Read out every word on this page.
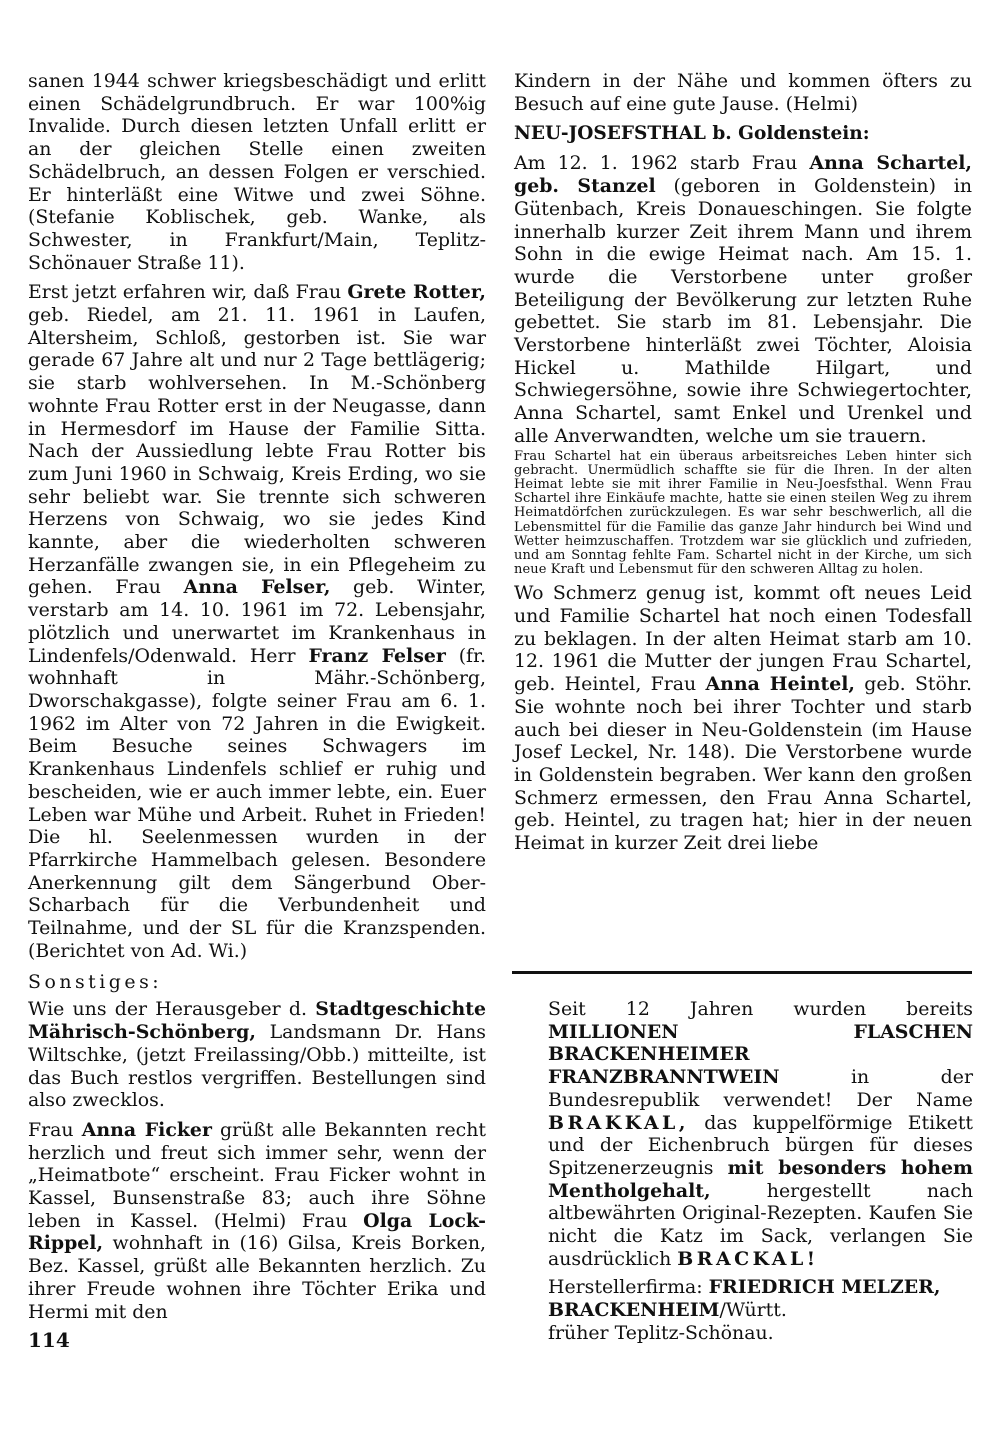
sanen 1944 schwer kriegsbeschädigt und erlitt einen Schädelgrundbruch. Er war 100%ig Invalide. Durch diesen letzten Unfall erlitt er an der gleichen Stelle einen zweiten Schädelbruch, an dessen Folgen er verschied. Er hinterläßt eine Witwe und zwei Söhne. (Stefanie Koblischek, geb. Wanke, als Schwester, in Frankfurt/Main, Teplitz-Schönauer Straße 11).

Erst jetzt erfahren wir, daß Frau Grete Rotter, geb. Riedel, am 21. 11. 1961 in Laufen, Altersheim, Schloß, gestorben ist. Sie war gerade 67 Jahre alt und nur 2 Tage bettlägerig; sie starb wohlversehen. In M.-Schönberg wohnte Frau Rotter erst in der Neugasse, dann in Hermesdorf im Hause der Familie Sitta. Nach der Aussiedlung lebte Frau Rotter bis zum Juni 1960 in Schwaig, Kreis Erding, wo sie sehr beliebt war. Sie trennte sich schweren Herzens von Schwaig, wo sie jedes Kind kannte, aber die wiederholten schweren Herzanfälle zwangen sie, in ein Pflegeheim zu gehen. Frau Anna Felser, geb. Winter, verstarb am 14. 10. 1961 im 72. Lebensjahr, plötzlich und unerwartet im Krankenhaus in Lindenfels/Odenwald. Herr Franz Felser (fr. wohnhaft in Mähr.-Schönberg, Dworschakgasse), folgte seiner Frau am 6. 1. 1962 im Alter von 72 Jahren in die Ewigkeit. Beim Besuche seines Schwagers im Krankenhaus Lindenfels schlief er ruhig und bescheiden, wie er auch immer lebte, ein. Euer Leben war Mühe und Arbeit. Ruhet in Frieden! Die hl. Seelenmessen wurden in der Pfarrkirche Hammelbach gelesen. Besondere Anerkennung gilt dem Sängerbund Ober-Scharbach für die Verbundenheit und Teilnahme, und der SL für die Kranzspenden. (Berichtet von Ad. Wi.)

Sonstiges:

Wie uns der Herausgeber d. Stadtgeschichte Mährisch-Schönberg, Landsmann Dr. Hans Wiltschke, (jetzt Freilassing/Obb.) mitteilte, ist das Buch restlos vergriffen. Bestellungen sind also zwecklos.

Frau Anna Ficker grüßt alle Bekannten recht herzlich und freut sich immer sehr, wenn der „Heimatbote“ erscheint. Frau Ficker wohnt in Kassel, Bunsenstraße 83; auch ihre Söhne leben in Kassel. (Helmi) Frau Olga Lock-Rippel, wohnhaft in (16) Gilsa, Kreis Borken, Bez. Kassel, grüßt alle Bekannten herzlich. Zu ihrer Freude wohnen ihre Töchter Erika und Hermi mit den

Kindern in der Nähe und kommen öfters zu Besuch auf eine gute Jause. (Helmi)

NEU-JOSEFSTHAL b. Goldenstein:

Am 12. 1. 1962 starb Frau Anna Schartel, geb. Stanzel (geboren in Goldenstein) in Gütenbach, Kreis Donaueschingen. Sie folgte innerhalb kurzer Zeit ihrem Mann und ihrem Sohn in die ewige Heimat nach. Am 15. 1. wurde die Verstorbene unter großer Beteiligung der Bevölkerung zur letzten Ruhe gebettet. Sie starb im 81. Lebensjahr. Die Verstorbene hinterläßt zwei Töchter, Aloisia Hickel u. Mathilde Hilgart, und Schwiegersöhne, sowie ihre Schwiegertochter, Anna Schartel, samt Enkel und Urenkel und alle Anverwandten, welche um sie trauern.

Frau Schartel hat ein überaus arbeitsreiches Leben hinter sich gebracht. Unermüdlich schaffte sie für die Ihren. In der alten Heimat lebte sie mit ihrer Familie in Neu-Joesfsthal. Wenn Frau Schartel ihre Einkäufe machte, hatte sie einen steilen Weg zu ihrem Heimatdörfchen zurückzulegen. Es war sehr beschwerlich, all die Lebensmittel für die Familie das ganze Jahr hindurch bei Wind und Wetter heimzuschaffen. Trotzdem war sie glücklich und zufrieden, und am Sonntag fehlte Fam. Schartel nicht in der Kirche, um sich neue Kraft und Lebensmut für den schweren Alltag zu holen.

Wo Schmerz genug ist, kommt oft neues Leid und Familie Schartel hat noch einen Todesfall zu beklagen. In der alten Heimat starb am 10. 12. 1961 die Mutter der jungen Frau Schartel, geb. Heintel, Frau Anna Heintel, geb. Stöhr. Sie wohnte noch bei ihrer Tochter und starb auch bei dieser in Neu-Goldenstein (im Hause Josef Leckel, Nr. 148). Die Verstorbene wurde in Goldenstein begraben. Wer kann den großen Schmerz ermessen, den Frau Anna Schartel, geb. Heintel, zu tragen hat; hier in der neuen Heimat in kurzer Zeit drei liebe

Seit 12 Jahren wurden bereits MILLIONEN FLASCHEN BRACKENHEIMER FRANZBRANNTWEIN in der Bundesrepublik verwendet! Der Name BRAKKAL, das kuppelförmige Etikett und der Eichenbruch bürgen für dieses Spitzenerzeugnis mit besonders hohem Mentholgehalt, hergestellt nach altbewährten Original-Rezepten. Kaufen Sie nicht die Katz im Sack, verlangen Sie ausdrücklich BRACKAL!

Herstellerfirma: FRIEDRICH MELZER,
BRACKENHEIM/Württ.
früher Teplitz-Schönau.
114
